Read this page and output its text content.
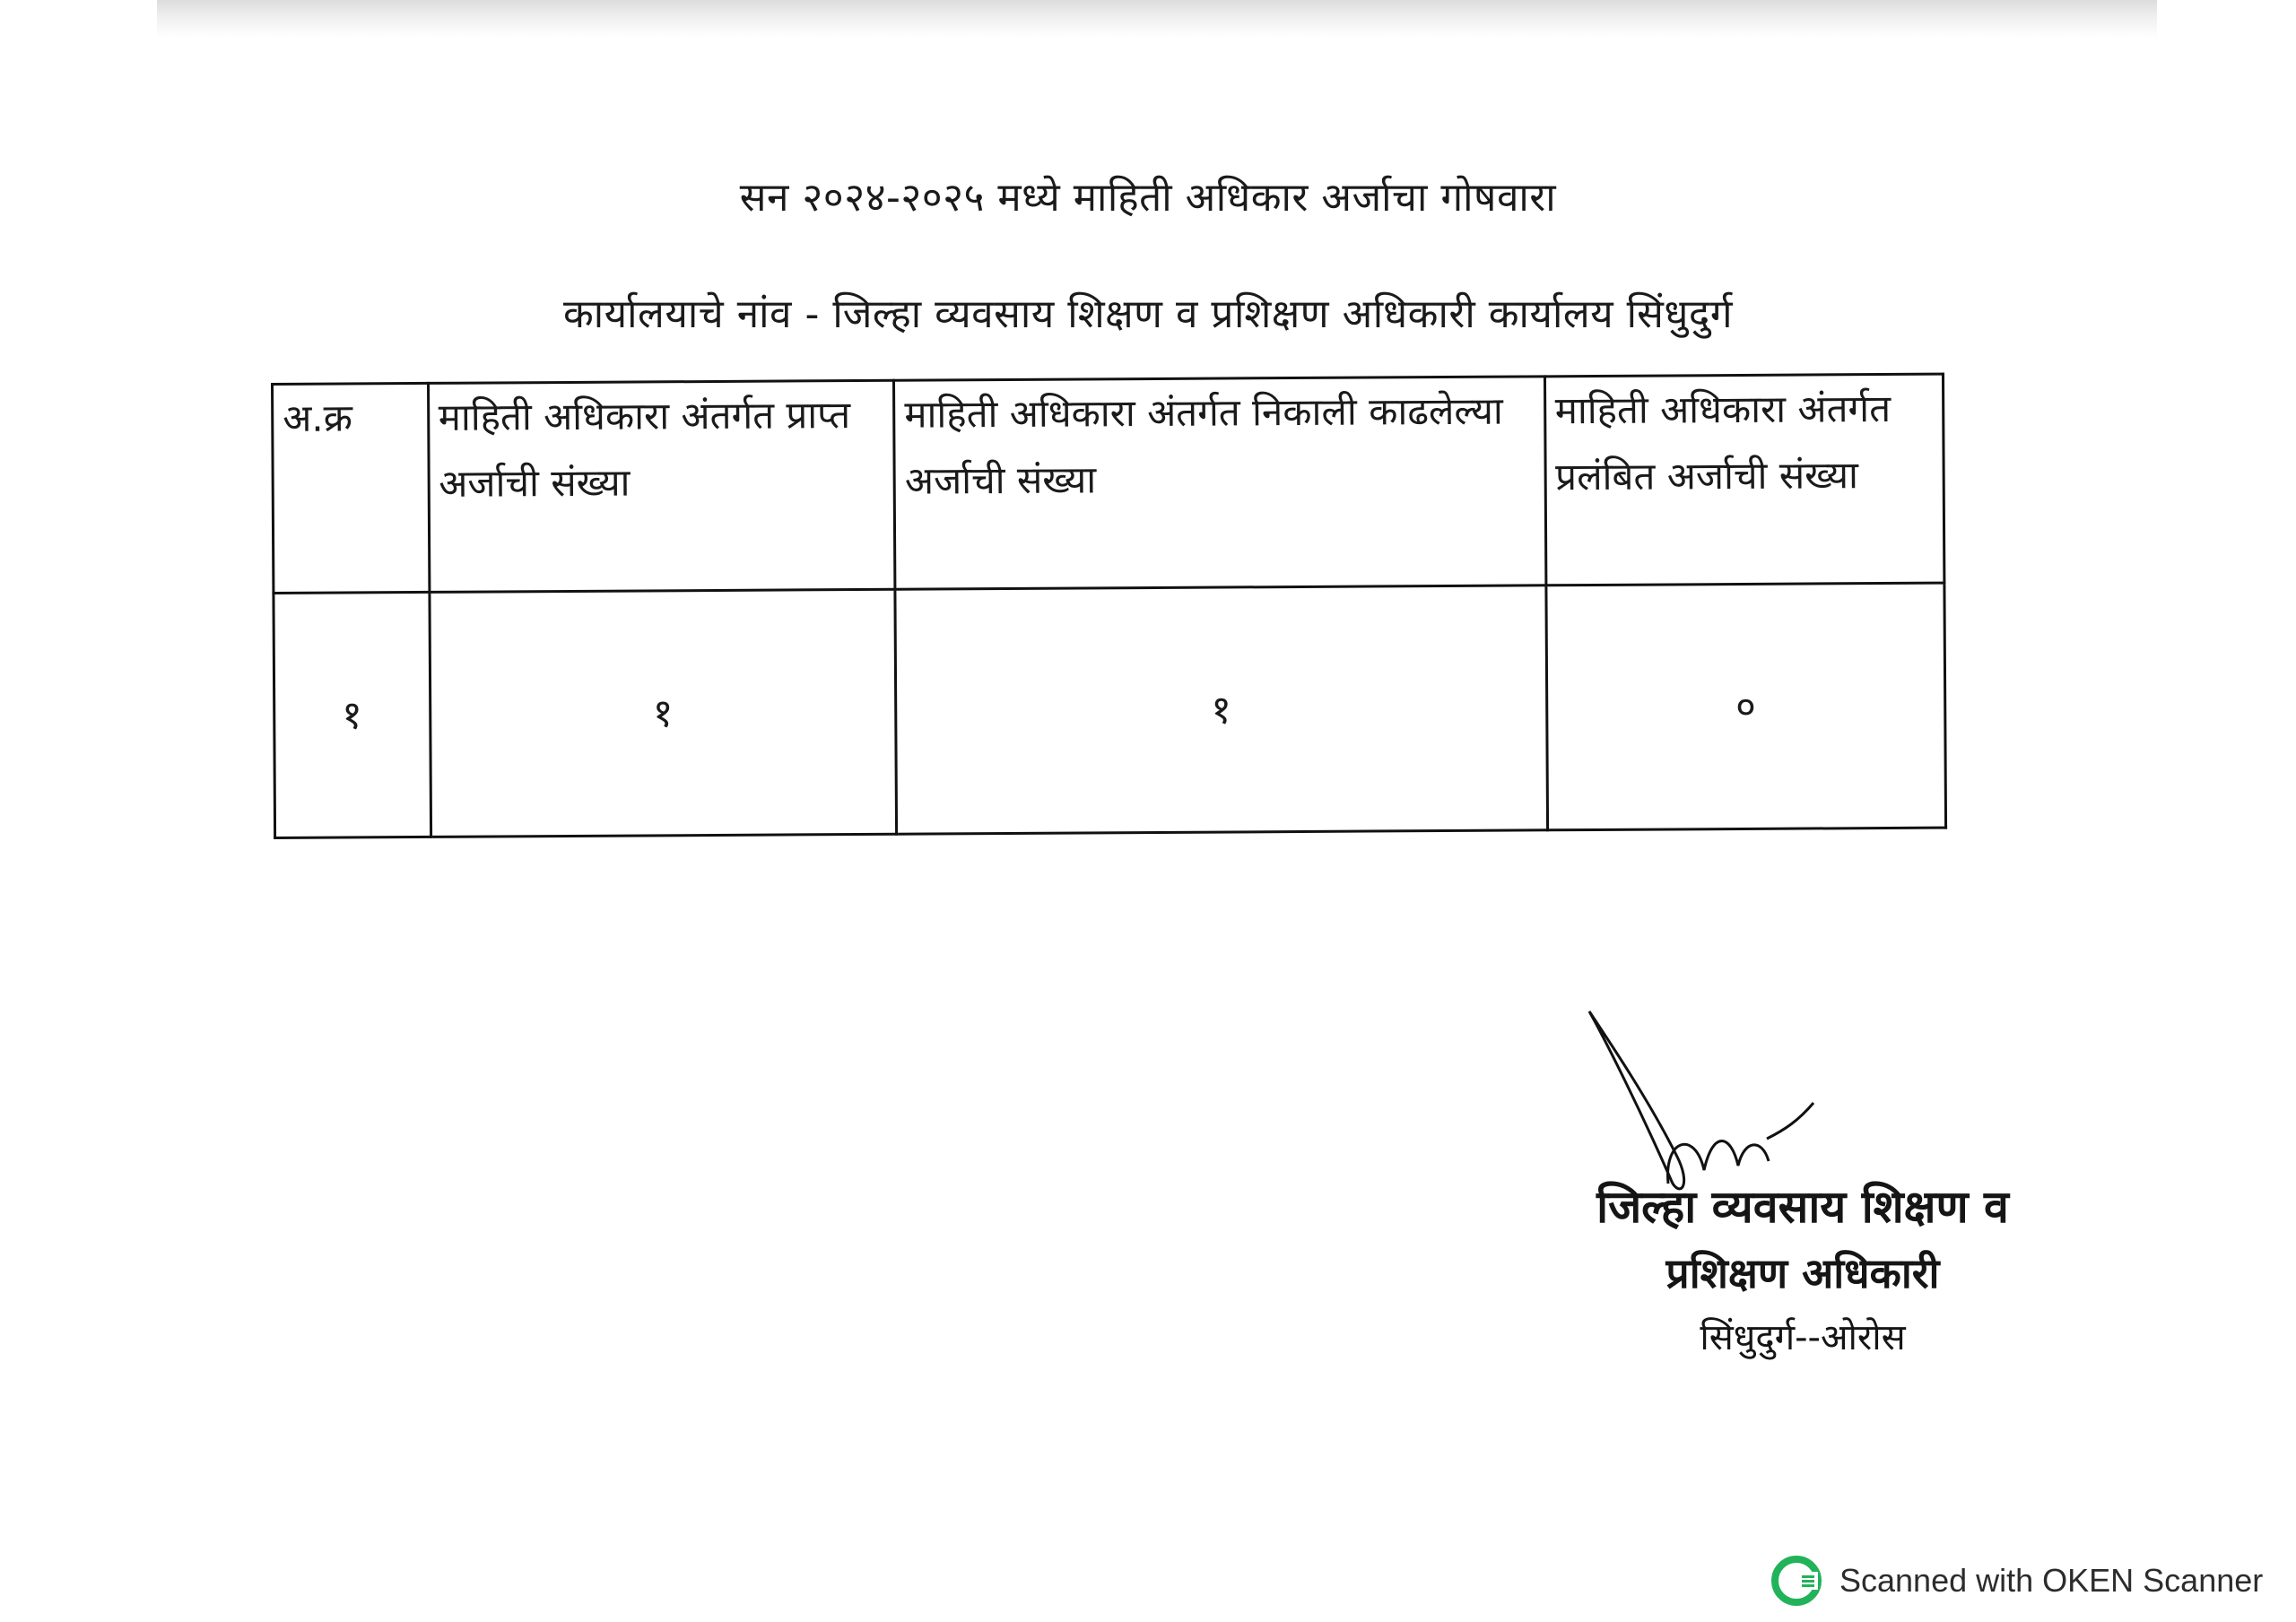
सन २०२४-२०२५ मध्ये माहिती अधिकार अर्जाचा गोषवारा
कार्यालयाचे नांव - जिल्हा व्यवसाय शिक्षण व प्रशिक्षण अधिकारी कार्यालय सिंधुदुर्ग
अ.क्र	माहिती अधिकारा अंतर्गत प्राप्त अर्जाची संख्या	माहिती अधिकारा अंतर्गत निकाली काढलेल्या अर्जाची संख्या	माहिती अधिकारा अंतर्गत प्रलंबित अर्जाची संख्या
१	१	१	०
जिल्हा व्यवसाय शिक्षण व
प्रशिक्षण अधिकारी
सिंधुदुर्ग--ओरोस
Scanned with OKEN Scanner
